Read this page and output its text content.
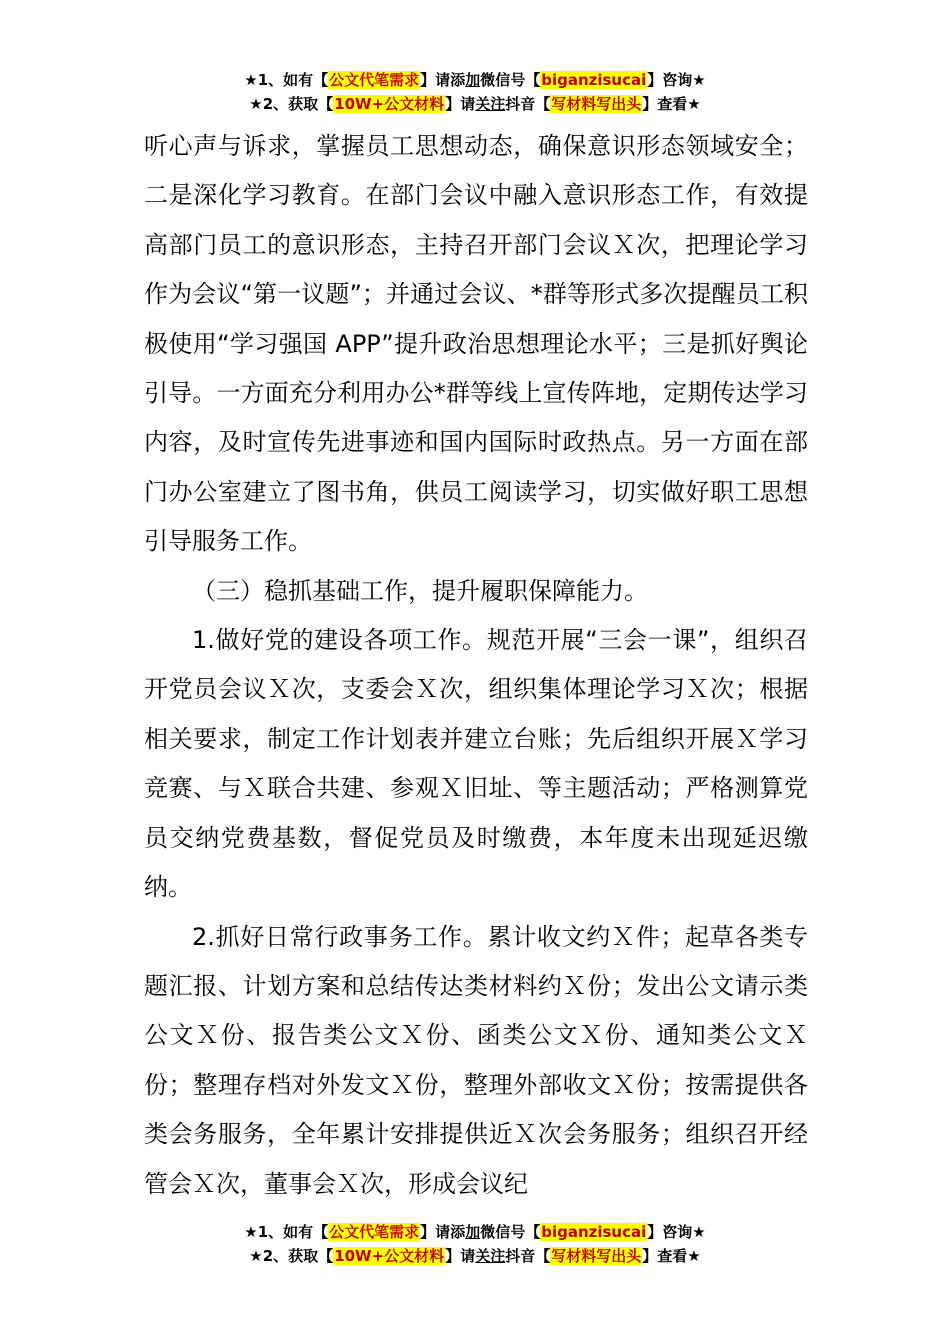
★1、如有【公文代笔需求】请添加微信号【biganzisucai】咨询★
★2、获取【10W+公文材料】请关注抖音【写材料写出头】查看★

听心声与诉求，掌握员工思想动态，确保意识形态领域安全；二是深化学习教育。在部门会议中融入意识形态工作，有效提高部门员工的意识形态，主持召开部门会议Ｘ次，把理论学习作为会议“第一议题”；并通过会议、*群等形式多次提醒员工积极使用“学习强国 APP”提升政治思想理论水平；三是抓好舆论引导。一方面充分利用办公*群等线上宣传阵地，定期传达学习内容，及时宣传先进事迹和国内国际时政热点。另一方面在部门办公室建立了图书角，供员工阅读学习，切实做好职工思想引导服务工作。

（三）稳抓基础工作，提升履职保障能力。

1.做好党的建设各项工作。规范开展“三会一课”，组织召开党员会议Ｘ次，支委会Ｘ次，组织集体理论学习Ｘ次；根据相关要求，制定工作计划表并建立台账；先后组织开展Ｘ学习竞赛、与Ｘ联合共建、参观Ｘ旧址、等主题活动；严格测算党员交纳党费基数，督促党员及时缴费，本年度未出现延迟缴纳。

2.抓好日常行政事务工作。累计收文约Ｘ件；起草各类专题汇报、计划方案和总结传达类材料约Ｘ份；发出公文请示类公文Ｘ份、报告类公文Ｘ份、函类公文Ｘ份、通知类公文Ｘ份；整理存档对外发文Ｘ份，整理外部收文Ｘ份；按需提供各类会务服务，全年累计安排提供近Ｘ次会务服务；组织召开经管会Ｘ次，董事会Ｘ次，形成会议纪

★1、如有【公文代笔需求】请添加微信号【biganzisucai】咨询★
★2、获取【10W+公文材料】请关注抖音【写材料写出头】查看★
